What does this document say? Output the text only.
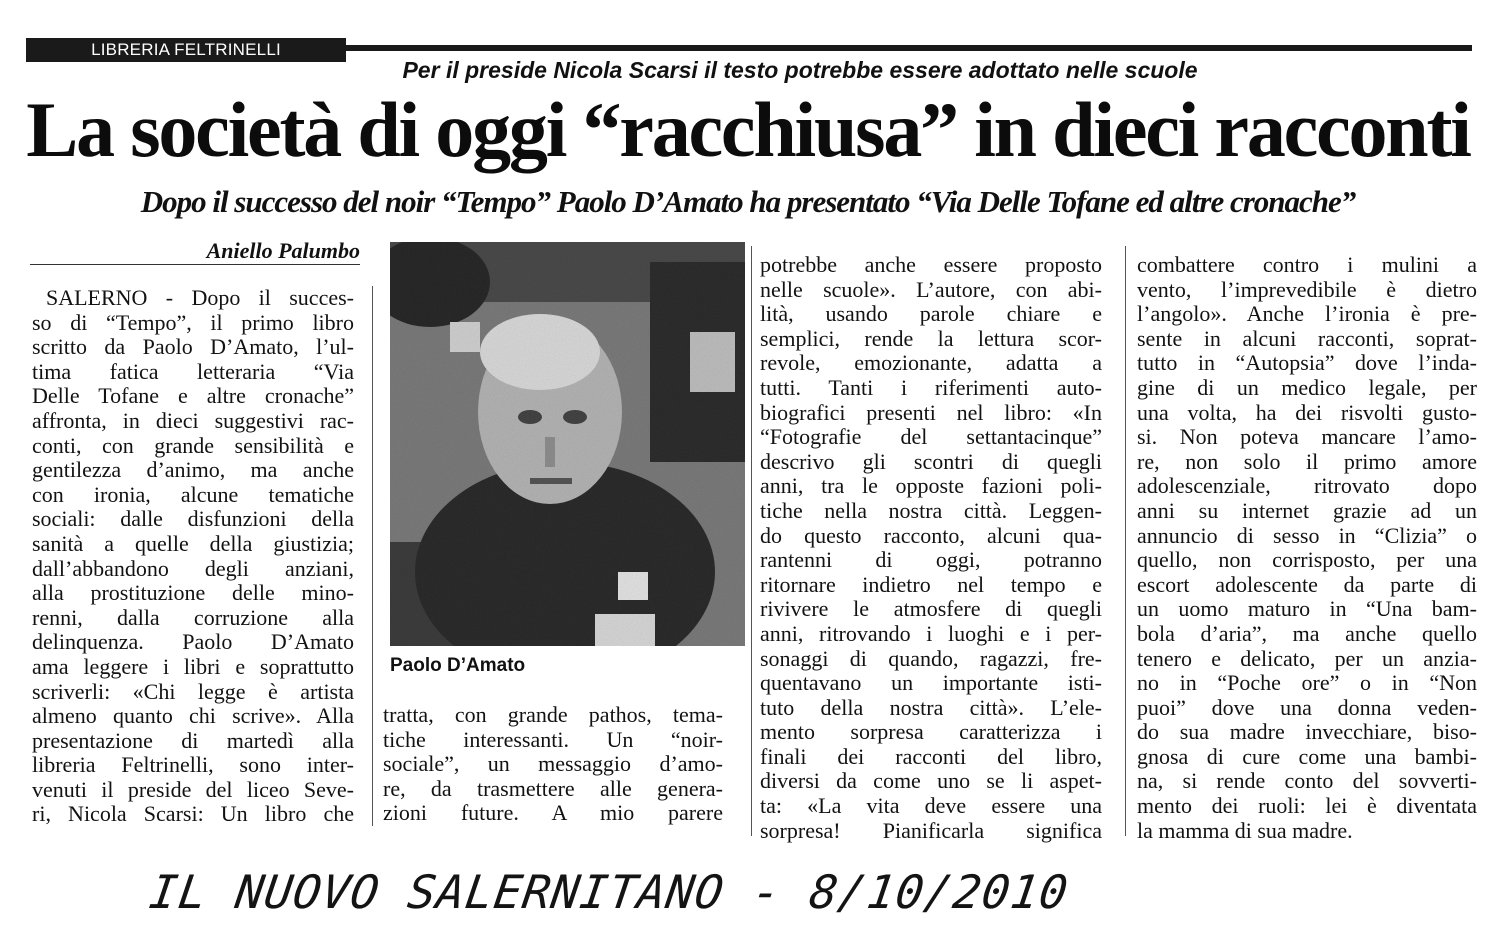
LIBRERIA FELTRINELLI
Per il preside Nicola Scarsi il testo potrebbe essere adottato nelle scuole
La società di oggi “racchiusa” in dieci racconti
Dopo il successo del noir “Tempo” Paolo D’Amato ha presentato “Via Delle Tofane ed altre cronache”
Aniello Palumbo
Paolo D’Amato
SALERNO - Dopo il succes-
so di “Tempo”, il primo libro
scritto da Paolo D’Amato, l’ul-
tima fatica letteraria “Via
Delle Tofane e altre cronache”
affronta, in dieci suggestivi rac-
conti, con grande sensibilità e
gentilezza d’animo, ma anche
con ironia, alcune tematiche
sociali: dalle disfunzioni della
sanità a quelle della giustizia;
dall’abbandono degli anziani,
alla prostituzione delle mino-
renni, dalla corruzione alla
delinquenza. Paolo D’Amato
ama leggere i libri e soprattutto
scriverli: «Chi legge è artista
almeno quanto chi scrive». Alla
presentazione di martedì alla
libreria Feltrinelli, sono inter-
venuti il preside del liceo Seve-
ri, Nicola Scarsi: Un libro che
tratta, con grande pathos, tema-
tiche interessanti. Un “noir-
sociale”, un messaggio d’amo-
re, da trasmettere alle genera-
zioni future. A mio parere
potrebbe anche essere proposto
nelle scuole». L’autore, con abi-
lità, usando parole chiare e
semplici, rende la lettura scor-
revole, emozionante, adatta a
tutti. Tanti i riferimenti auto-
biografici presenti nel libro: «In
“Fotografie del settantacinque”
descrivo gli scontri di quegli
anni, tra le opposte fazioni poli-
tiche nella nostra città. Leggen-
do questo racconto, alcuni qua-
rantenni di oggi, potranno
ritornare indietro nel tempo e
rivivere le atmosfere di quegli
anni, ritrovando i luoghi e i per-
sonaggi di quando, ragazzi, fre-
quentavano un importante isti-
tuto della nostra città». L’ele-
mento sorpresa caratterizza i
finali dei racconti del libro,
diversi da come uno se li aspet-
ta: «La vita deve essere una
sorpresa! Pianificarla significa
combattere contro i mulini a
vento, l’imprevedibile è dietro
l’angolo». Anche l’ironia è pre-
sente in alcuni racconti, soprat-
tutto in “Autopsia” dove l’inda-
gine di un medico legale, per
una volta, ha dei risvolti gusto-
si. Non poteva mancare l’amo-
re, non solo il primo amore
adolescenziale, ritrovato dopo
anni su internet grazie ad un
annuncio di sesso in “Clizia” o
quello, non corrisposto, per una
escort adolescente da parte di
un uomo maturo in “Una bam-
bola d’aria”, ma anche quello
tenero e delicato, per un anzia-
no in “Poche ore” o in “Non
puoi” dove una donna veden-
do sua madre invecchiare, biso-
gnosa di cure come una bambi-
na, si rende conto del sovverti-
mento dei ruoli: lei è diventata
la mamma di sua madre.
IL NUOVO SALERNITANO - 8/10/2010
